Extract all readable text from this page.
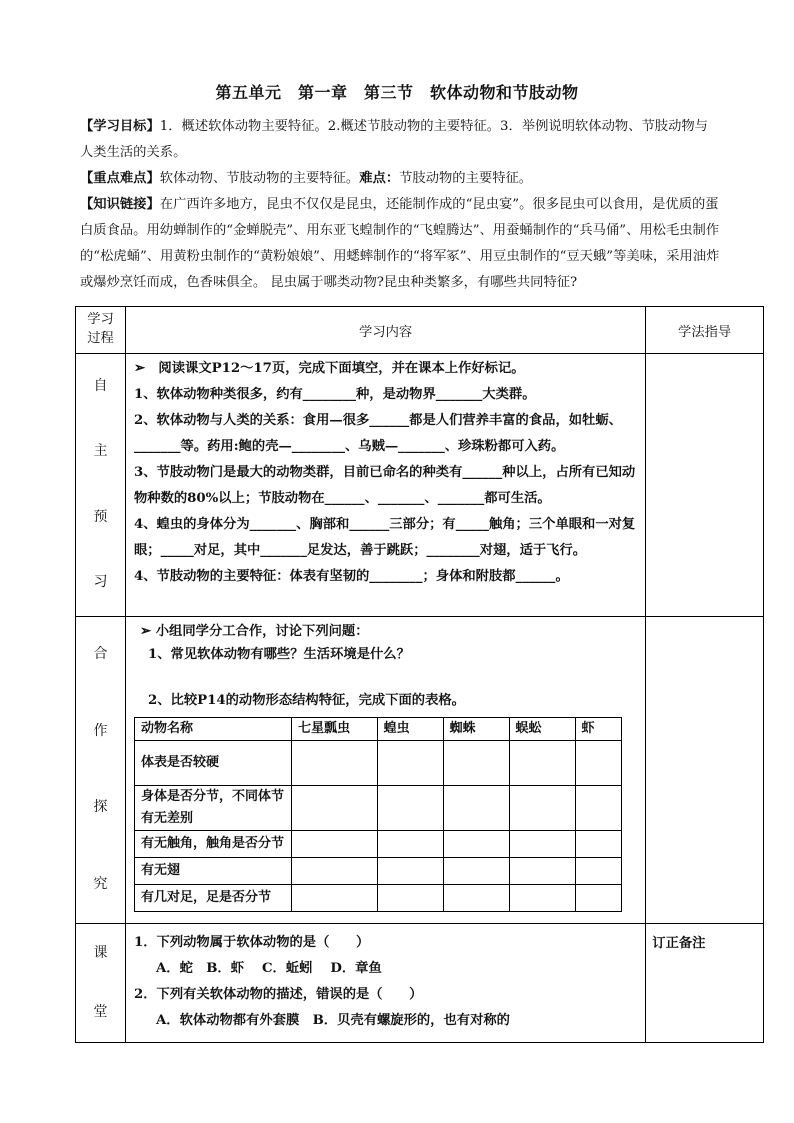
第五单元　第一章　第三节　软体动物和节肢动物

【学习目标】1．概述软体动物主要特征。2.概述节肢动物的主要特征。3．举例说明软体动物、节肢动物与人类生活的关系。

【重点难点】软体动物、节肢动物的主要特征。难点：节肢动物的主要特征。

【知识链接】在广西许多地方，昆虫不仅仅是昆虫，还能制作成的“昆虫宴”。很多昆虫可以食用，是优质的蛋白质食品。用幼蝉制作的“金蝉脱壳”、用东亚飞蝗制作的“飞蝗腾达”、用蚕蛹制作的“兵马俑”、用松毛虫制作的“松虎蛹”、用黄粉虫制作的“黄粉娘娘”、用蟋蟀制作的“将军冢”、用豆虫制作的“豆天蛾”等美味，采用油炸或爆炒烹饪而成，色香味俱全。 昆虫属于哪类动物?昆虫种类繁多，有哪些共同特征?

学习
过程	学习内容	学法指导

自
主
预
习

➢　阅读课文P12～17页，完成下面填空，并在课本上作好标记。

1、软体动物种类很多，约有________种，是动物界_______大类群。

2、软体动物与人类的关系：食用—很多______都是人们营养丰富的食品，如牡蛎、_______等。药用:鲍的壳—________、乌贼—_______、珍珠粉都可入药。

3、节肢动物门是最大的动物类群，目前已命名的种类有______种以上，占所有已知动物种数的80%以上；节肢动物在______、_______、_______都可生活。

4、蝗虫的身体分为_______、胸部和______三部分；有_____触角；三个单眼和一对复眼；_____对足，其中_______足发达，善于跳跃；________对翅，适于飞行。

4、节肢动物的主要特征：体表有坚韧的________；身体和附肢都______。

合
作
探
究

➢ 小组同学分工合作，讨论下列问题：
1、常见软体动物有哪些？生活环境是什么？
2、比较P14的动物形态结构特征，完成下面的表格。
动物名称	七星瓢虫	蝗虫	蜘蛛	蜈蚣	虾
体表是否较硬					
身体是否分节，不同体节有无差别					
有无触角，触角是否分节					
有无翅					
有几对足，足是否分节					

课
堂

1．下列动物属于软体动物的是（　　）

A．蛇　B．虾　 C．蚯蚓　 D．章鱼

2．下列有关软体动物的描述，错误的是（　　）

A．软体动物都有外套膜　B．贝壳有螺旋形的，也有对称的

	订正备注
